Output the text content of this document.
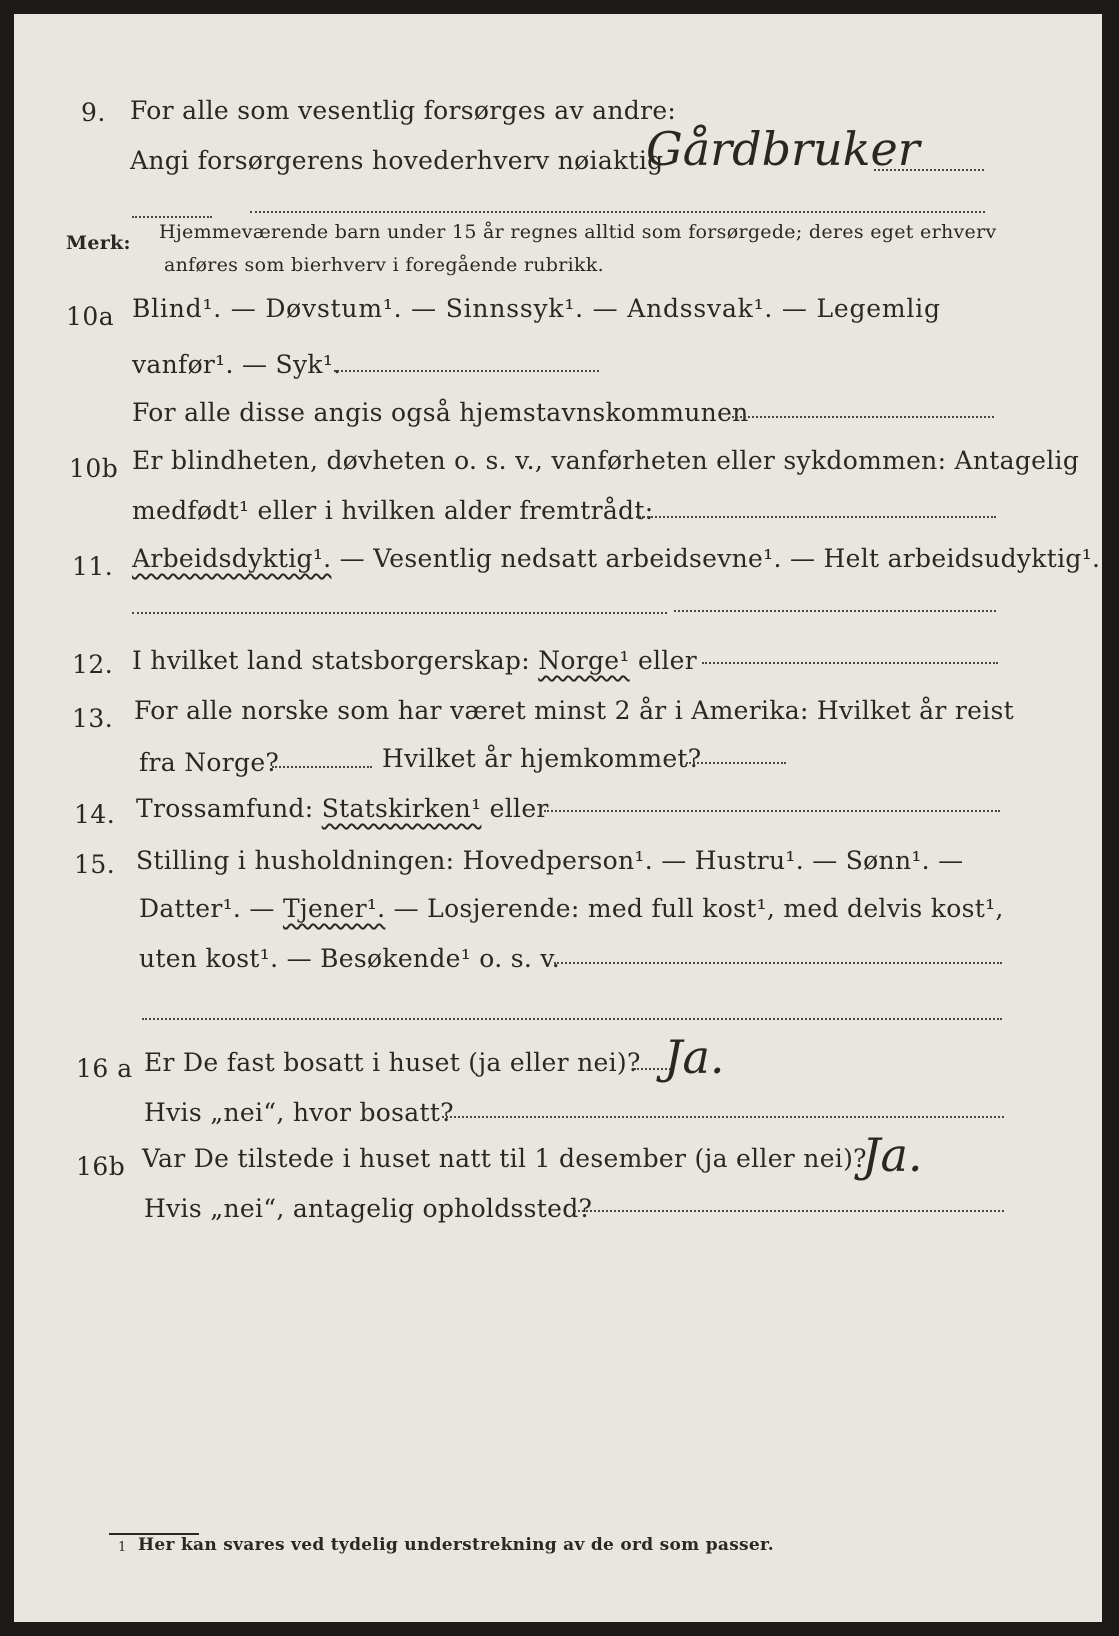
9. For alle som vesentlig forsørges av andre:
Angi forsørgerens hovederhverv nøiaktig
Gårdbruker
Merk: Hjemmeværende barn under 15 år regnes alltid som forsørgede; deres eget erhverv
anføres som bierhverv i foregående rubrikk.
10a Blind¹. — Døvstum¹. — Sinnssyk¹. — Andssvak¹. — Legemlig
vanfør¹. — Syk¹.
For alle disse angis også hjemstavnskommunen
10b Er blindheten, døvheten o. s. v., vanførheten eller sykdommen: Antagelig
medfødt¹ eller i hvilken alder fremtrådt:
11. Arbeidsdyktig¹. — Vesentlig nedsatt arbeidsevne¹. — Helt arbeidsudyktig¹.
12. I hvilket land statsborgerskap: Norge¹ eller
13. For alle norske som har været minst 2 år i Amerika: Hvilket år reist
fra Norge?	Hvilket år hjemkommet?
14. Trossamfund: Statskirken¹ eller
15. Stilling i husholdningen: Hovedperson¹. — Hustru¹. — Sønn¹. —
Datter¹. — Tjener¹. — Losjerende: med full kost¹, med delvis kost¹,
uten kost¹. — Besøkende¹ o. s. v.
16 a Er De fast bosatt i huset (ja eller nei)? Ja.
Hvis „nei“, hvor bosatt?
16b Var De tilstede i huset natt til 1 desember (ja eller nei)?
Ja.
Hvis „nei“, antagelig opholdssted?
1 Her kan svares ved tydelig understrekning av de ord som passer.
